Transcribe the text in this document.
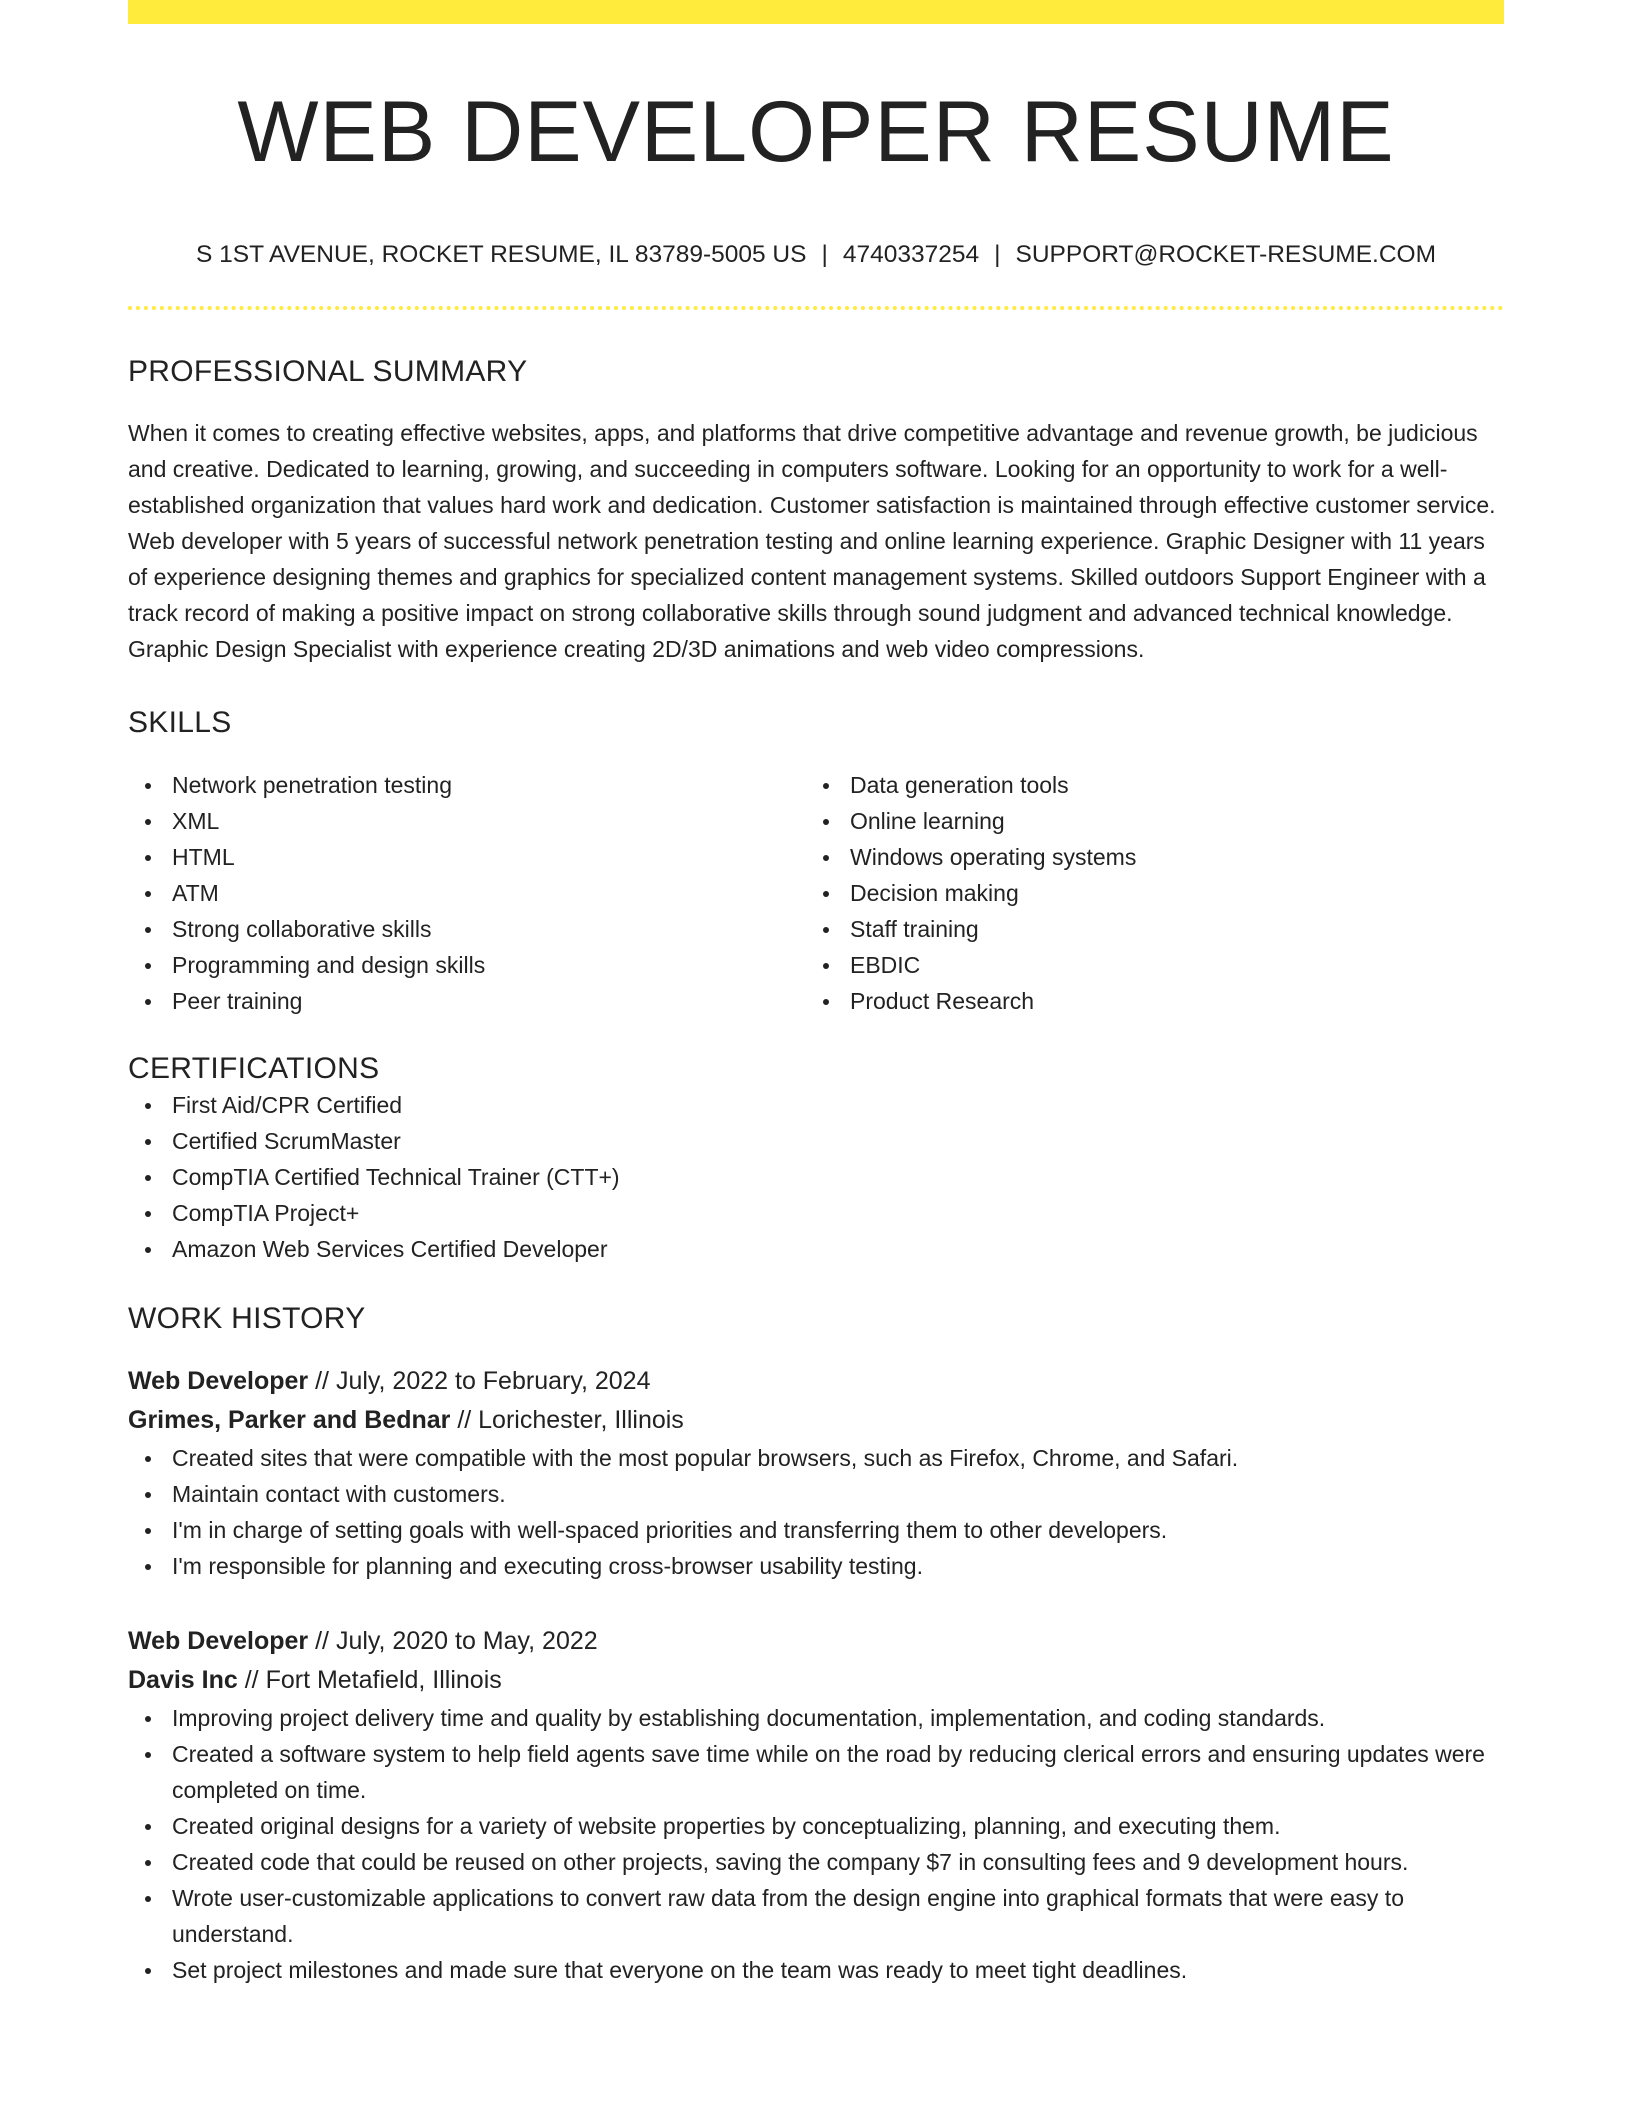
WEB DEVELOPER RESUME
S 1ST AVENUE, ROCKET RESUME, IL 83789-5005 US | 4740337254 | SUPPORT@ROCKET-RESUME.COM
PROFESSIONAL SUMMARY
When it comes to creating effective websites, apps, and platforms that drive competitive advantage and revenue growth, be judicious and creative. Dedicated to learning, growing, and succeeding in computers software. Looking for an opportunity to work for a well-established organization that values hard work and dedication. Customer satisfaction is maintained through effective customer service. Web developer with 5 years of successful network penetration testing and online learning experience. Graphic Designer with 11 years of experience designing themes and graphics for specialized content management systems. Skilled outdoors Support Engineer with a track record of making a positive impact on strong collaborative skills through sound judgment and advanced technical knowledge. Graphic Design Specialist with experience creating 2D/3D animations and web video compressions.
SKILLS
Network penetration testing
XML
HTML
ATM
Strong collaborative skills
Programming and design skills
Peer training
Data generation tools
Online learning
Windows operating systems
Decision making
Staff training
EBDIC
Product Research
CERTIFICATIONS
First Aid/CPR Certified
Certified ScrumMaster
CompTIA Certified Technical Trainer (CTT+)
CompTIA Project+
Amazon Web Services Certified Developer
WORK HISTORY
Web Developer // July, 2022 to February, 2024
Grimes, Parker and Bednar // Lorichester, Illinois
Created sites that were compatible with the most popular browsers, such as Firefox, Chrome, and Safari.
Maintain contact with customers.
I'm in charge of setting goals with well-spaced priorities and transferring them to other developers.
I'm responsible for planning and executing cross-browser usability testing.
Web Developer // July, 2020 to May, 2022
Davis Inc // Fort Metafield, Illinois
Improving project delivery time and quality by establishing documentation, implementation, and coding standards.
Created a software system to help field agents save time while on the road by reducing clerical errors and ensuring updates were completed on time.
Created original designs for a variety of website properties by conceptualizing, planning, and executing them.
Created code that could be reused on other projects, saving the company $7 in consulting fees and 9 development hours.
Wrote user-customizable applications to convert raw data from the design engine into graphical formats that were easy to understand.
Set project milestones and made sure that everyone on the team was ready to meet tight deadlines.
